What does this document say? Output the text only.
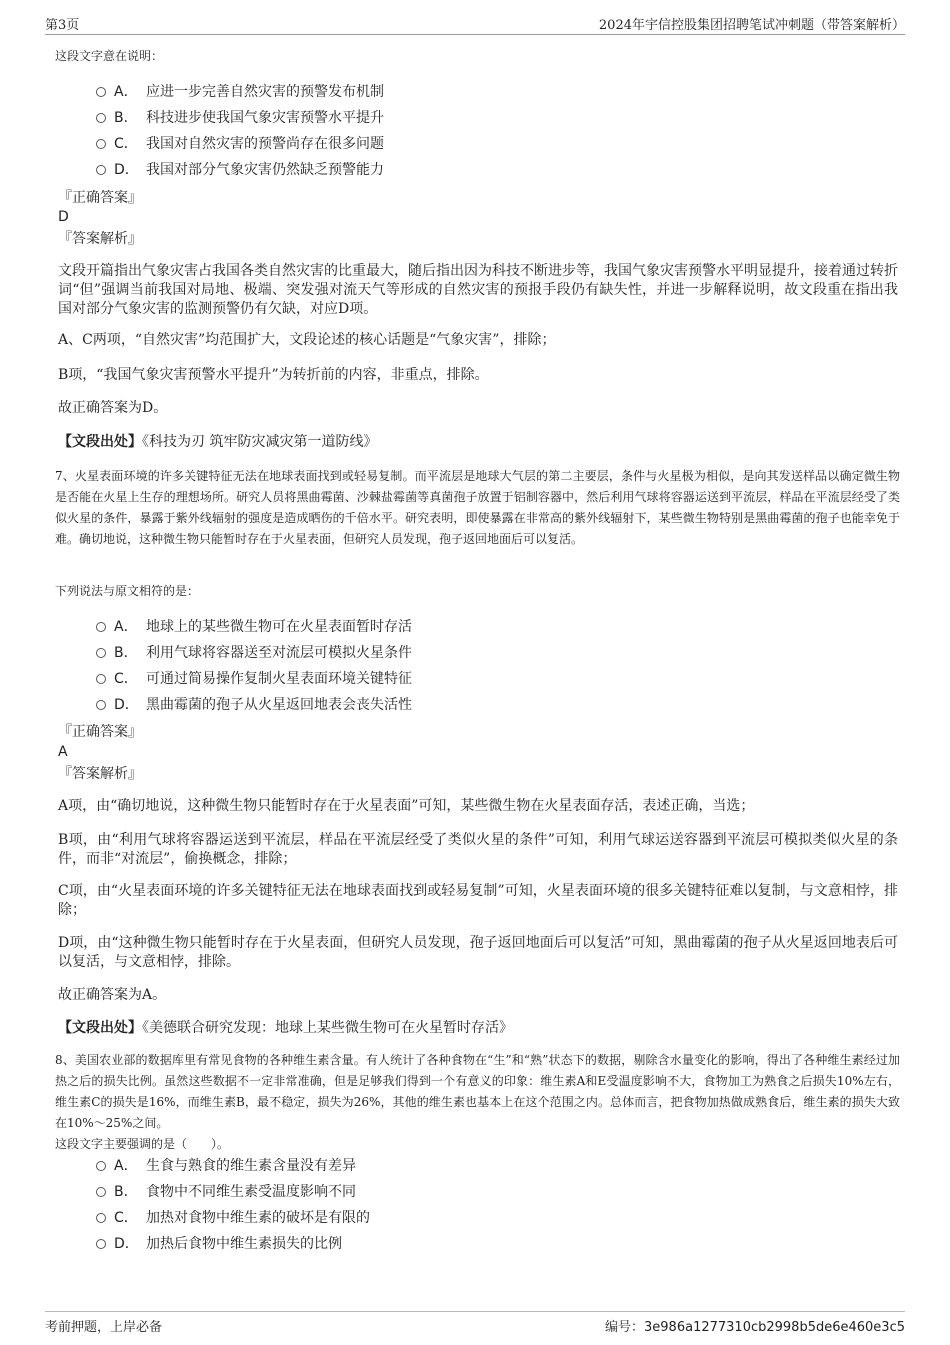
第3页	2024年宇信控股集团招聘笔试冲刺题（带答案解析）

这段文字意在说明：

A． 应进一步完善自然灾害的预警发布机制
B． 科技进步使我国气象灾害预警水平提升
C． 我国对自然灾害的预警尚存在很多问题
D． 我国对部分气象灾害仍然缺乏预警能力

『正确答案』

D

『答案解析』

文段开篇指出气象灾害占我国各类自然灾害的比重最大，随后指出因为科技不断进步等，我国气象灾害预警水平明显提升，接着通过转折词“但”强调当前我国对局地、极端、突发强对流天气等形成的自然灾害的预报手段仍有缺失性，并进一步解释说明，故文段重在指出我国对部分气象灾害的监测预警仍有欠缺，对应D项。

A、C两项，“自然灾害”均范围扩大，文段论述的核心话题是“气象灾害”，排除；

B项，“我国气象灾害预警水平提升”为转折前的内容，非重点，排除。

故正确答案为D。

【文段出处】《科技为刃 筑牢防灾减灾第一道防线》

7、火星表面环境的许多关键特征无法在地球表面找到或轻易复制。而平流层是地球大气层的第二主要层，条件与火星极为相似，是向其发送样品以确定微生物是否能在火星上生存的理想场所。研究人员将黑曲霉菌、沙棘盐霉菌等真菌孢子放置于铝制容器中，然后利用气球将容器运送到平流层，样品在平流层经受了类似火星的条件，暴露于紫外线辐射的强度是造成晒伤的千倍水平。研究表明，即使暴露在非常高的紫外线辐射下，某些微生物特别是黑曲霉菌的孢子也能幸免于难。确切地说，这种微生物只能暂时存在于火星表面，但研究人员发现，孢子返回地面后可以复活。

下列说法与原文相符的是：

A． 地球上的某些微生物可在火星表面暂时存活
B． 利用气球将容器送至对流层可模拟火星条件
C． 可通过简易操作复制火星表面环境关键特征
D． 黑曲霉菌的孢子从火星返回地表会丧失活性

『正确答案』

A

『答案解析』

A项，由“确切地说，这种微生物只能暂时存在于火星表面”可知，某些微生物在火星表面存活，表述正确，当选；

B项，由“利用气球将容器运送到平流层，样品在平流层经受了类似火星的条件”可知，利用气球运送容器到平流层可模拟类似火星的条件，而非“对流层”，偷换概念，排除；

C项，由“火星表面环境的许多关键特征无法在地球表面找到或轻易复制”可知，火星表面环境的很多关键特征难以复制，与文意相悖，排除；

D项，由“这种微生物只能暂时存在于火星表面，但研究人员发现，孢子返回地面后可以复活”可知，黑曲霉菌的孢子从火星返回地表后可以复活，与文意相悖，排除。

故正确答案为A。

【文段出处】《美德联合研究发现：地球上某些微生物可在火星暂时存活》

8、美国农业部的数据库里有常见食物的各种维生素含量。有人统计了各种食物在“生”和“熟”状态下的数据，剔除含水量变化的影响，得出了各种维生素经过加热之后的损失比例。虽然这些数据不一定非常准确，但是足够我们得到一个有意义的印象：维生素A和E受温度影响不大，食物加工为熟食之后损失10%左右，维生素C的损失是16%，而维生素B，最不稳定，损失为26%，其他的维生素也基本上在这个范围之内。总体而言，把食物加热做成熟食后，维生素的损失大致在10%～25%之间。

这段文字主要强调的是（　　）。

A． 生食与熟食的维生素含量没有差异
B． 食物中不同维生素受温度影响不同
C． 加热对食物中维生素的破坏是有限的
D． 加热后食物中维生素损失的比例
考前押题，上岸必备	编号：3e986a1277310cb2998b5de6e460e3c5
